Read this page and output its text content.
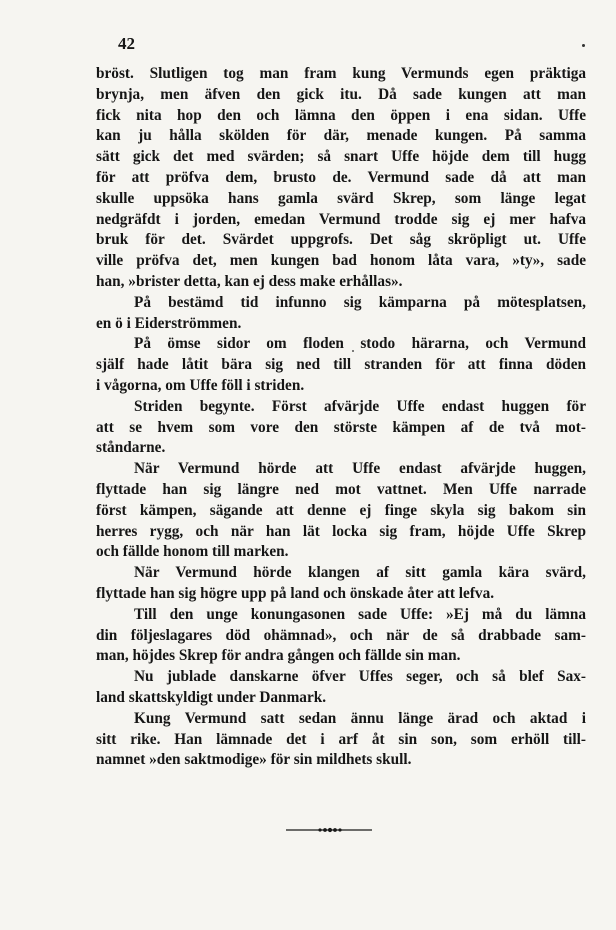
42
bröst. Slutligen tog man fram kung Vermunds egen präktiga
brynja, men äfven den gick itu. Då sade kungen att man
fick nita hop den och lämna den öppen i ena sidan. Uffe
kan ju hålla skölden för där, menade kungen. På samma
sätt gick det med svärden; så snart Uffe höjde dem till hugg
för att pröfva dem, brusto de. Vermund sade då att man
skulle uppsöka hans gamla svärd Skrep, som länge legat
nedgräfdt i jorden, emedan Vermund trodde sig ej mer hafva
bruk för det. Svärdet uppgrofs. Det såg skröpligt ut. Uffe
ville pröfva det, men kungen bad honom låta vara, »ty», sade
han, »brister detta, kan ej dess make erhållas».
På bestämd tid infunno sig kämparna på mötesplatsen,
en ö i Eiderströmmen.
På ömse sidor om floden stodo härarna, och Vermund
själf hade låtit bära sig ned till stranden för att finna döden
i vågorna, om Uffe föll i striden.
Striden begynte. Först afvärjde Uffe endast huggen för
att se hvem som vore den störste kämpen af de två mot-
ståndarne.
När Vermund hörde att Uffe endast afvärjde huggen,
flyttade han sig längre ned mot vattnet. Men Uffe narrade
först kämpen, sägande att denne ej finge skyla sig bakom sin
herres rygg, och när han lät locka sig fram, höjde Uffe Skrep
och fällde honom till marken.
När Vermund hörde klangen af sitt gamla kära svärd,
flyttade han sig högre upp på land och önskade åter att lefva.
Till den unge konungasonen sade Uffe: »Ej må du lämna
din följeslagares död ohämnad», och när de så drabbade sam-
man, höjdes Skrep för andra gången och fällde sin man.
Nu jublade danskarne öfver Uffes seger, och så blef Sax-
land skattskyldigt under Danmark.
Kung Vermund satt sedan ännu länge ärad och aktad i
sitt rike. Han lämnade det i arf åt sin son, som erhöll till-
namnet »den saktmodige» för sin mildhets skull.
